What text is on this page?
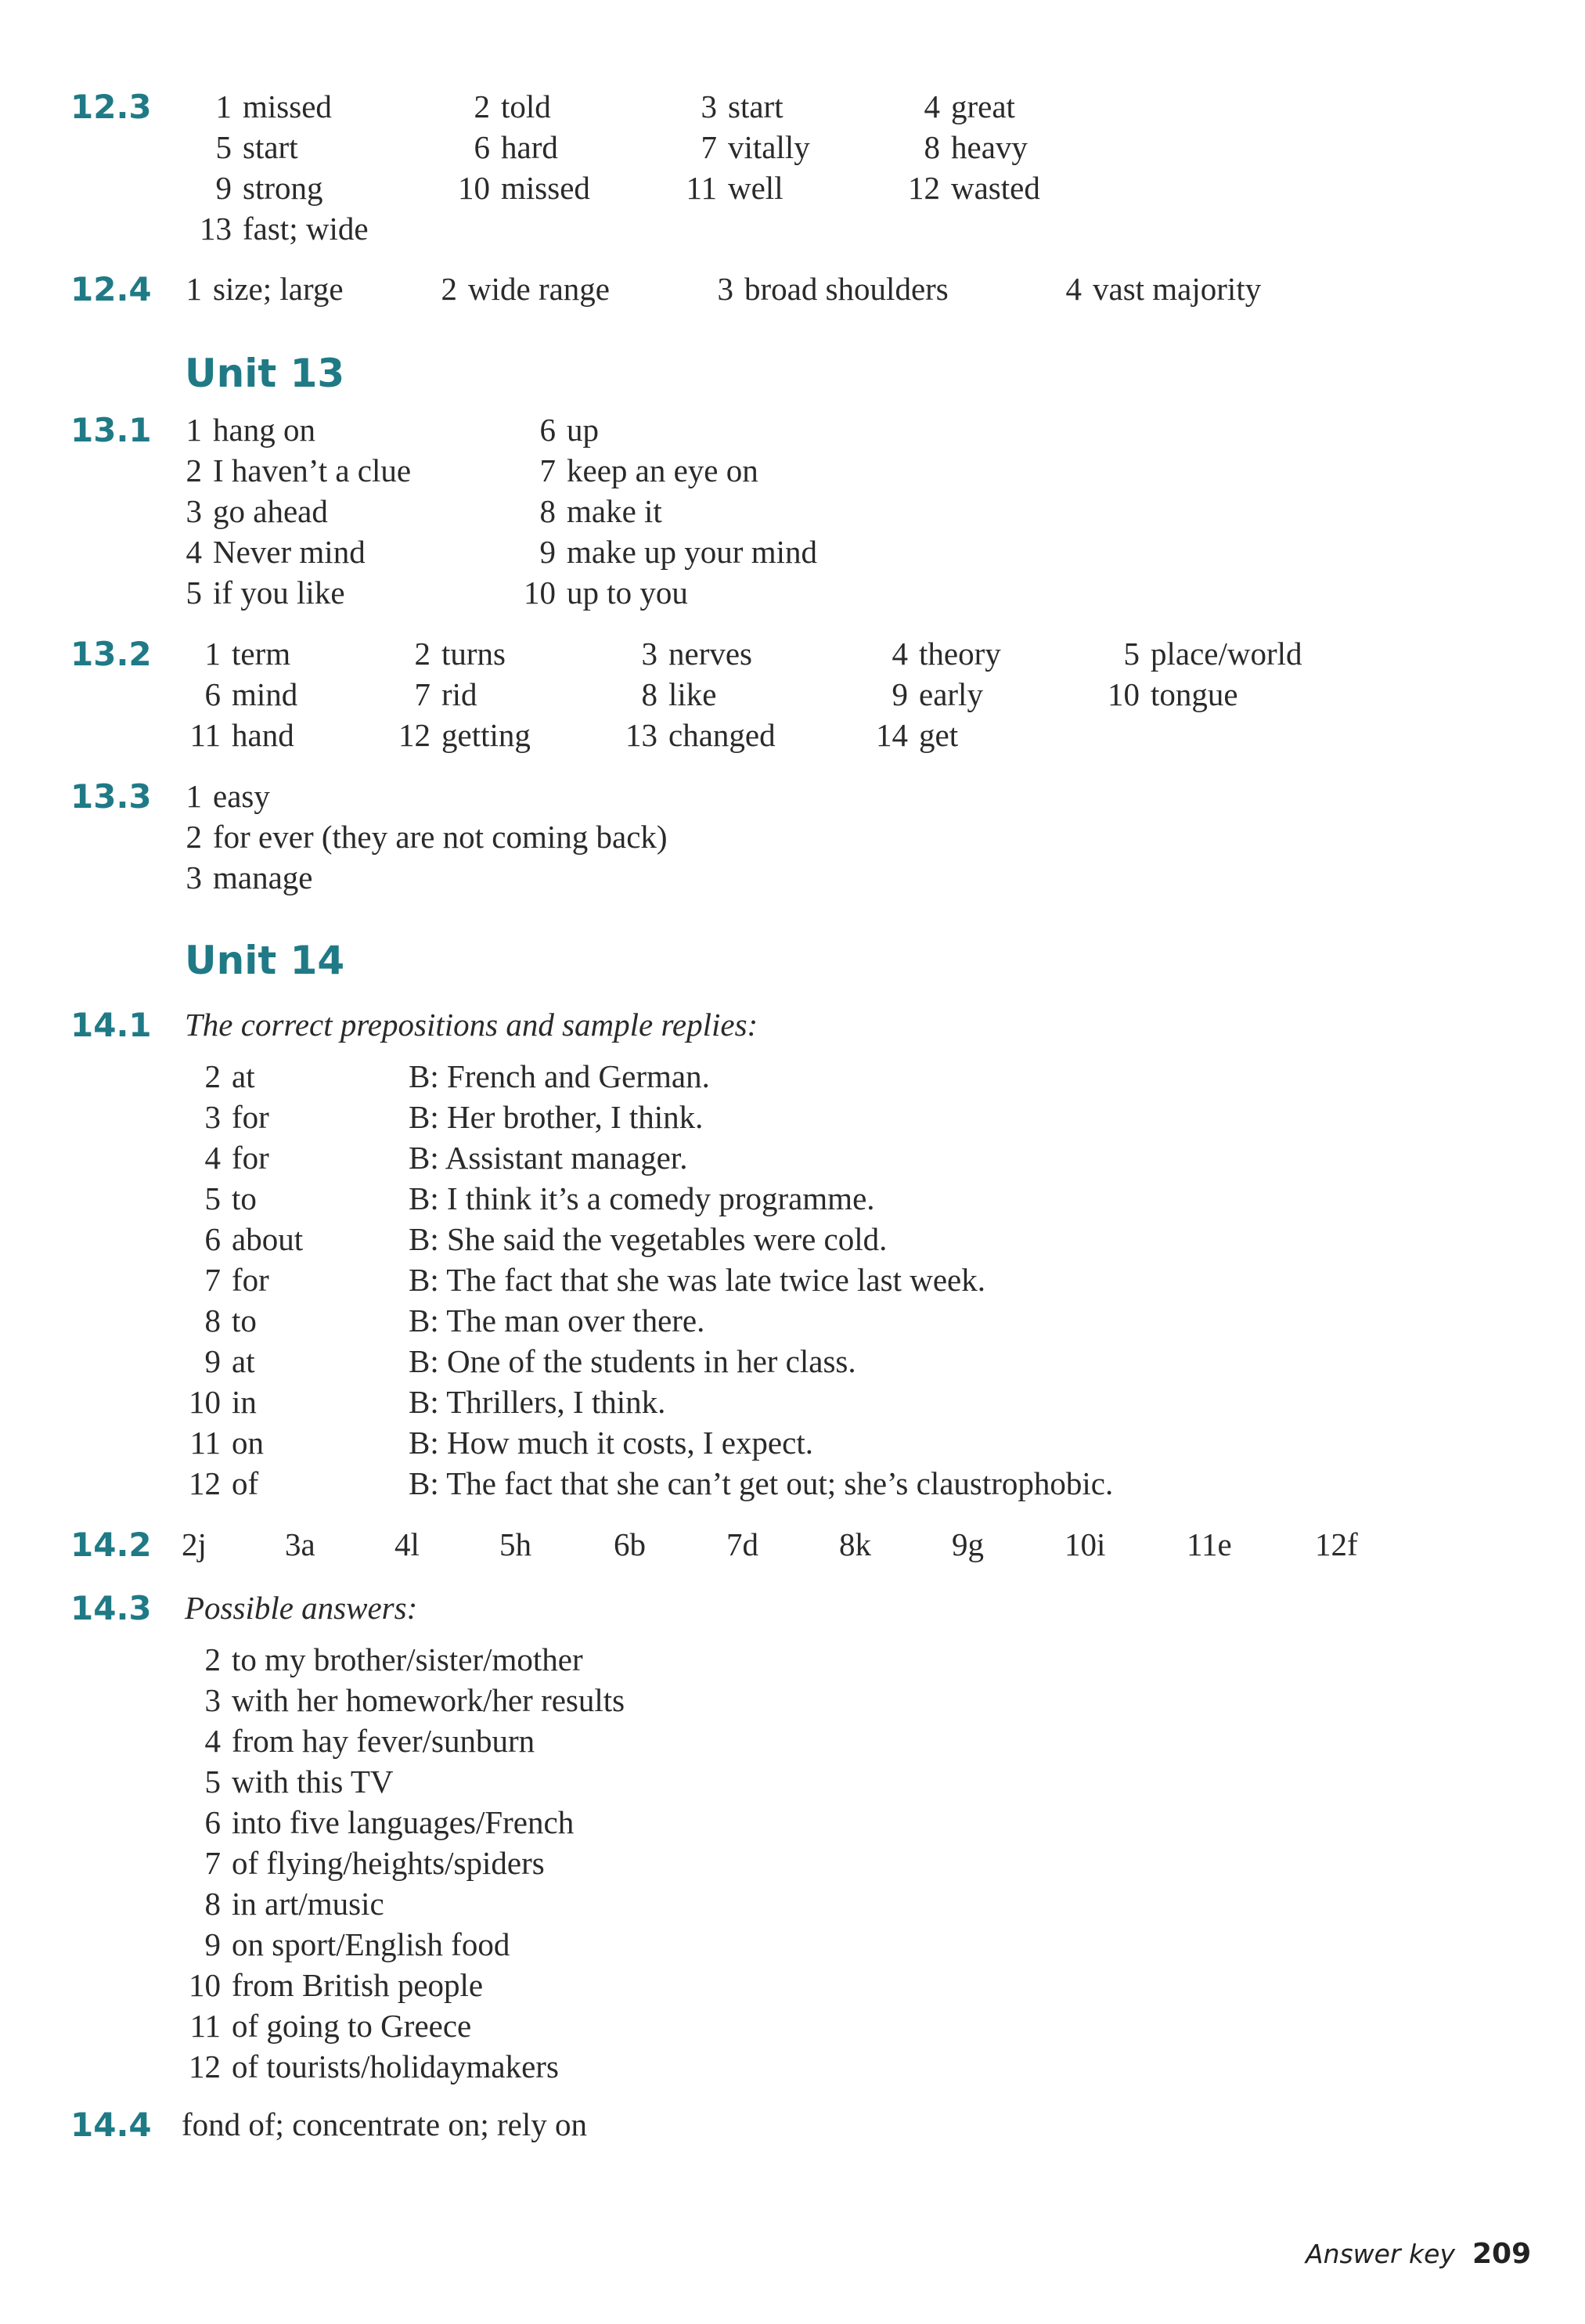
12.3	1 missed	2 told	3 start	4 great
5 start	6 hard	7 vitally	8 heavy
9 strong	10 missed	11 well	12 wasted
13 fast; wide
12.4 1 size; large	2 wide range	3 broad shoulders	4 vast majority
Unit 13
13.1	1 hang on	6 up
2 I haven’t a clue	7 keep an eye on
3 go ahead	8 make it
4 Never mind	9 make up your mind
5 if you like	10 up to you
13.2	1 term	2 turns	3 nerves	4 theory	5 place/world
6 mind	7 rid	8 like	9 early	10 tongue
11 hand	12 getting	13 changed	14 get
13.3 1 easy
2 for ever (they are not coming back)
3 manage
Unit 14
14.1 The correct prepositions and sample replies:
2 at	B: French and German.
3 for	B: Her brother, I think.
4 for	B: Assistant manager.
5 to	B: I think it’s a comedy programme.
6 about	B: She said the vegetables were cold.
7 for	B: The fact that she was late twice last week.
8 to	B: The man over there.
9 at	B: One of the students in her class.
10 in	B: Thrillers, I think.
11 on	B: How much it costs, I expect.
12 of	B: The fact that she can’t get out; she’s claustrophobic.
14.2 2j 3a 4l 5h	6b	7d	8k	9g	10i	11e	12f
14.3 Possible answers:
2 to my brother/sister/mother
3 with her homework/her results
4 from hay fever/sunburn
5 with this TV
6 into five languages/French
7 of flying/heights/spiders
8 in art/music
9 on sport/English food
10 from British people
11 of going to Greece
12 of tourists/holidaymakers
14.4 fond of; concentrate on; rely on
Answer key 209
